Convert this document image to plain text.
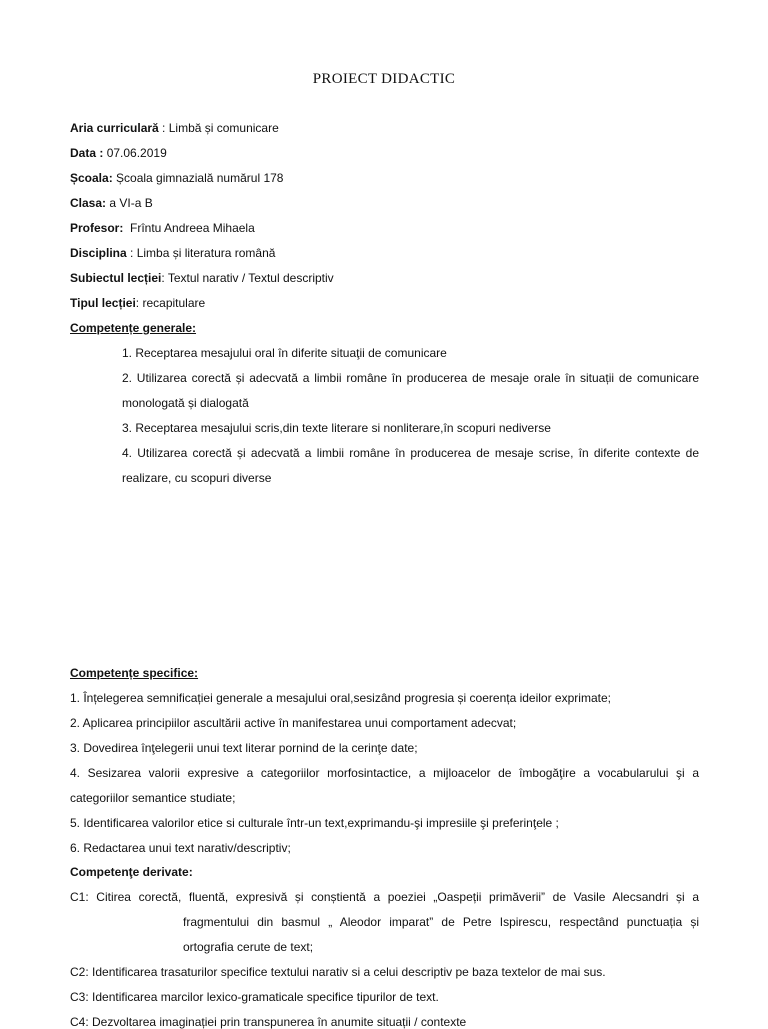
PROIECT DIDACTIC
Aria curriculară : Limbă și comunicare
Data : 07.06.2019
Școala: Școala gimnazială numărul 178
Clasa: a VI-a B
Profesor: Frîntu Andreea Mihaela
Disciplina : Limba și literatura română
Subiectul lecției: Textul narativ / Textul descriptiv
Tipul lecției: recapitulare
Competențe generale:
1. Receptarea mesajului oral în diferite situaţii de comunicare
2. Utilizarea corectă și adecvată a limbii române în producerea de mesaje orale în situații de comunicare
monologată și dialogată
3. Receptarea mesajului scris,din texte literare si nonliterare,în scopuri nediverse
4. Utilizarea corectă și adecvată a limbii române în producerea de mesaje scrise, în diferite contexte de
realizare, cu scopuri diverse
Competențe specifice:
1. Înțelegerea semnificației generale a mesajului oral,sesizând progresia și coerența ideilor exprimate;
2. Aplicarea principiilor ascultării active în manifestarea unui comportament adecvat;
3. Dovedirea înţelegerii unui text literar pornind de la cerinţe date;
4. Sesizarea valorii expresive a categoriilor morfosintactice, a mijloacelor de îmbogăţire a vocabularului şi a
categoriilor semantice studiate;
5. Identificarea valorilor etice si culturale într-un text,exprimandu-şi impresiile şi preferinţele ;
6. Redactarea unui text narativ/descriptiv;
Competenţe derivate:
C1: Citirea corectă, fluentă, expresivă și conștientă a poeziei „Oaspeții primăverii” de Vasile Alecsandri și a
fragmentului din basmul „ Aleodor imparat” de Petre Ispirescu, respectând punctuația și
ortografia cerute de text;
C2: Identificarea trasaturilor specifice textului narativ si a celui descriptiv pe baza textelor de mai sus.
C3: Identificarea marcilor lexico-gramaticale specifice tipurilor de text.
C4: Dezvoltarea imaginației prin transpunerea în anumite situații / contexte
